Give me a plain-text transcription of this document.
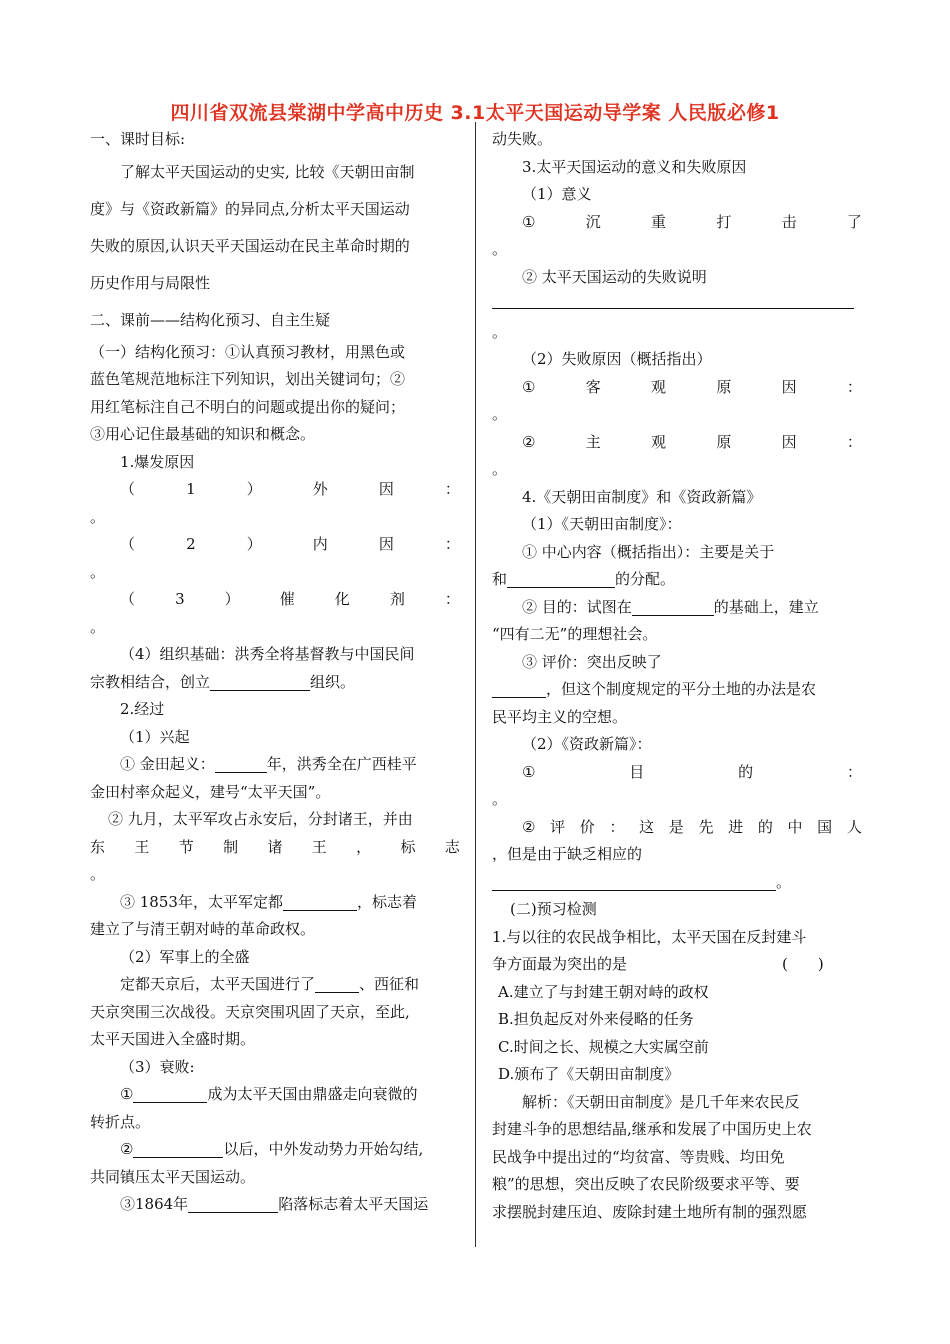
四川省双流县棠湖中学高中历史 3.1太平天国运动导学案 人民版必修1
一、课时目标:
了解太平天国运动的史实, 比较《天朝田亩制
度》与《资政新篇》的异同点,分析太平天国运动
失败的原因,认识天平天国运动在民主革命时期的
历史作用与局限性
二、课前——结构化预习、自主生疑
（一）结构化预习：①认真预习教材，用黑色或
蓝色笔规范地标注下列知识，划出关键词句；②
用红笔标注自己不明白的问题或提出你的疑问；
③用心记住最基础的知识和概念。
1.爆发原因
（	1	）	外	因	：
。
（	2	）	内	因	：
。
（	3	）	催	化	剂	：
。
（4）组织基础：洪秀全将基督教与中国民间
宗教相结合，创立	组织。
2.经过
（1）兴起
① 金田起义：	年，洪秀全在广西桂平
金田村率众起义，建号“太平天国”。
② 九月，太平军攻占永安后，分封诸王，并由
东 王 节 制 诸 王 ， 标 志
。
③ 1853年，太平军定都	，标志着
建立了与清王朝对峙的革命政权。
（2）军事上的全盛
定都天京后，太平天国进行了	、西征和
天京突围三次战役。天京突围巩固了天京，至此,
太平天国进入全盛时期。
（3）衰败:
①	成为太平天国由鼎盛走向衰微的
转折点。
②	以后，中外发动势力开始勾结,
共同镇压太平天国运动。
③1864年	陷落标志着太平天国运
动失败。
3.太平天国运动的意义和失败原因
（1）意义
①	沉	重	打	击	了
。
② 太平天国运动的失败说明
。
（2）失败原因（概括指出）
①	客	观	原	因	：
。
②	主	观	原	因	：
。
4.《天朝田亩制度》和《资政新篇》
（1）《天朝田亩制度》：
① 中心内容（概括指出）：主要是关于
和	的分配。
② 目的：试图在	的基础上，建立
“四有二无”的理想社会。
③ 评价：突出反映了
，但这个制度规定的平分土地的办法是农
民平均主义的空想。
（2）《资政新篇》：
①	目	的	：
。
② 评 价 ： 这 是 先 进 的 中 国 人
，但是由于缺乏相应的
。
(二)预习检测
1.与以往的农民战争相比，太平天国在反封建斗
争方面最为突出的是	(　　)
A.建立了与封建王朝对峙的政权
B.担负起反对外来侵略的任务
C.时间之长、规模之大实属空前
D.颁布了《天朝田亩制度》
解析：《天朝田亩制度》是几千年来农民反
封建斗争的思想结晶,继承和发展了中国历史上农
民战争中提出过的“均贫富、等贵贱、均田免
粮”的思想，突出反映了农民阶级要求平等、要
求摆脱封建压迫、废除封建土地所有制的强烈愿
